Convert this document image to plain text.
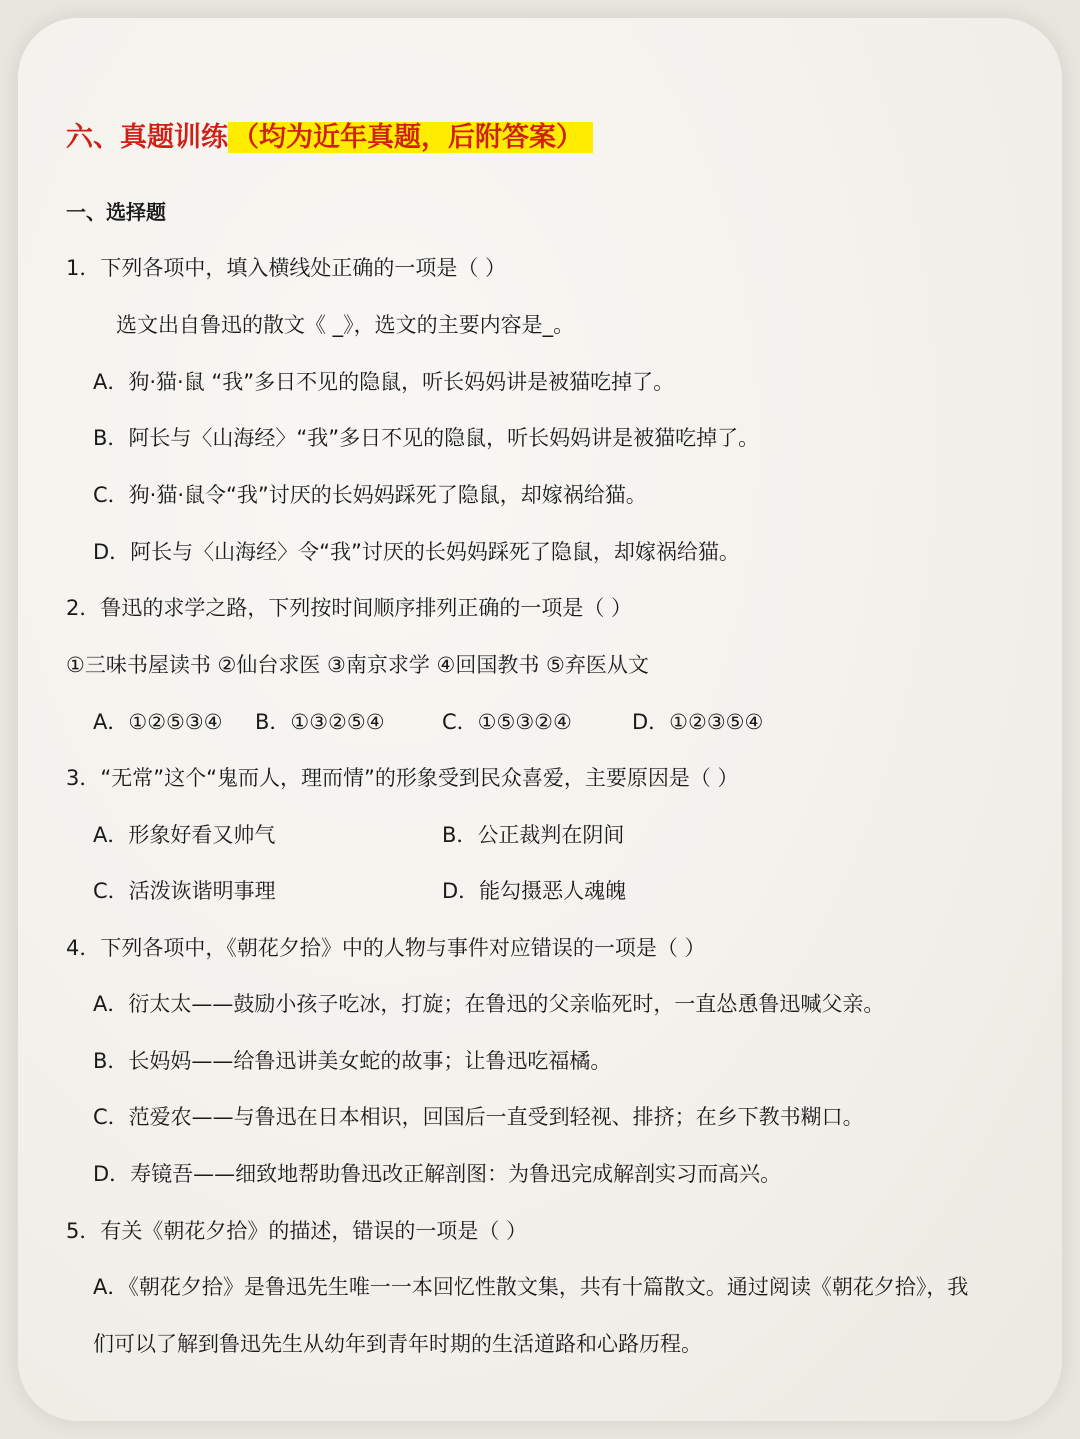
六、真题训练 （均为近年真题，后附答案）
一、选择题
1．下列各项中，填入横线处正确的一项是（ ）
选文出自鲁迅的散文《 _》，选文的主要内容是_。
A．狗·猫·鼠 “我”多日不见的隐鼠，听长妈妈讲是被猫吃掉了。
B．阿长与〈山海经〉“我”多日不见的隐鼠，听长妈妈讲是被猫吃掉了。
C．狗·猫·鼠令“我”讨厌的长妈妈踩死了隐鼠，却嫁祸给猫。
D．阿长与〈山海经〉令“我”讨厌的长妈妈踩死了隐鼠，却嫁祸给猫。
2．鲁迅的求学之路，下列按时间顺序排列正确的一项是（ ）
①三味书屋读书 ②仙台求医 ③南京求学 ④回国教书 ⑤弃医从文
A．①②⑤③④ B．①③②⑤④	C．①⑤③②④	D．①②③⑤④
3．“无常”这个“鬼而人，理而情”的形象受到民众喜爱，主要原因是（ ）
A．形象好看又帅气	B．公正裁判在阴间
C．活泼诙谐明事理	D．能勾摄恶人魂魄
4．下列各项中，《朝花夕拾》中的人物与事件对应错误的一项是（ ）
A．衍太太——鼓励小孩子吃冰，打旋；在鲁迅的父亲临死时，一直怂恿鲁迅喊父亲。
B．长妈妈——给鲁迅讲美女蛇的故事；让鲁迅吃福橘。
C．范爱农——与鲁迅在日本相识，回国后一直受到轻视、排挤；在乡下教书糊口。
D．寿镜吾——细致地帮助鲁迅改正解剖图：为鲁迅完成解剖实习而高兴。
5．有关《朝花夕拾》的描述，错误的一项是（ ）
A．《朝花夕拾》是鲁迅先生唯一一本回忆性散文集，共有十篇散文。通过阅读《朝花夕拾》，我
们可以了解到鲁迅先生从幼年到青年时期的生活道路和心路历程。
